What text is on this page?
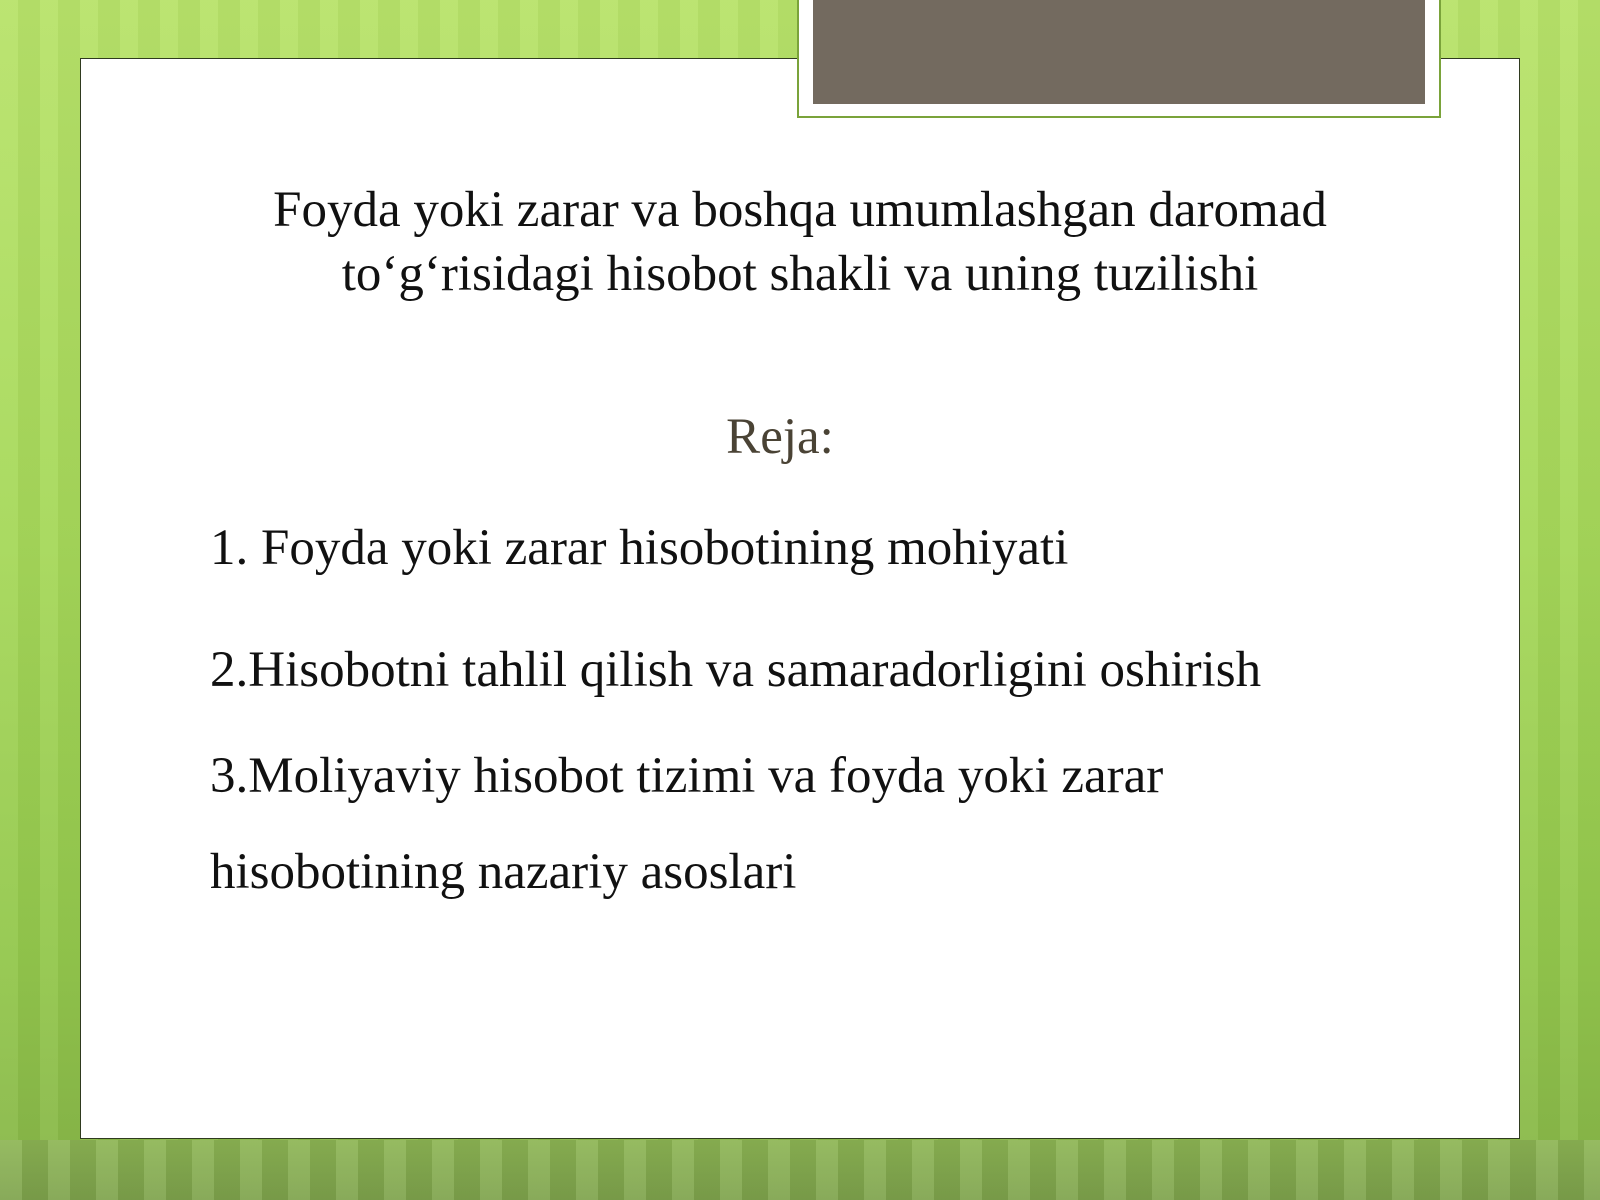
Foyda yoki zarar va boshqa umumlashgan daromad
to‘g‘risidagi hisobot shakli va uning tuzilishi
Reja:
1. Foyda yoki zarar hisobotining mohiyati
2.Hisobotni tahlil qilish va samaradorligini oshirish
3.Moliyaviy hisobot tizimi va foyda yoki zarar hisobotining nazariy asoslari
